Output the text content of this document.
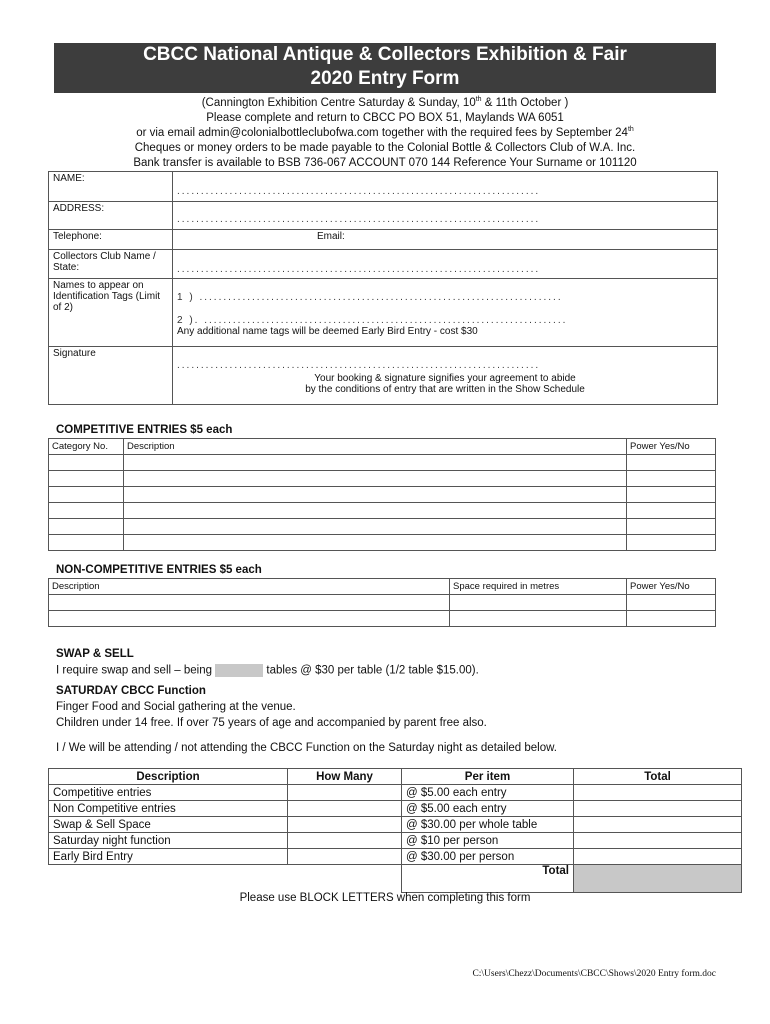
CBCC National Antique & Collectors Exhibition & Fair
2020 Entry Form
(Cannington Exhibition Centre Saturday & Sunday, 10th & 11th October )
Please complete and return to CBCC PO BOX 51, Maylands WA 6051
or via email admin@colonialbottleclubofwa.com together with the required fees by September 24th
Cheques or money orders to be made payable to the Colonial Bottle & Collectors Club of W.A. Inc.
Bank transfer is available to BSB 736-067 ACCOUNT 070 144 Reference Your Surname or 101120
NAME:	............................................................................

ADDRESS:	............................................................................

Telephone:	Email:
Collectors Club Name / State:	............................................................................

Names to appear on Identification Tags (Limit of 2)	1 ) ............................................................................
2 ). ............................................................................
Any additional name tags will be deemed Early Bird Entry - cost $30

Signature	............................................................................
Your booking & signature signifies your agreement to abide
by the conditions of entry that are written in the Show Schedule
COMPETITIVE ENTRIES $5 each
Category No.	Description	Power Yes/No

NON-COMPETITIVE ENTRIES $5 each
Description	Space required in metres	Power Yes/No

SWAP & SELL
I require swap and sell – being	tables @ $30 per table (1/2 table $15.00).
SATURDAY CBCC Function
Finger Food and Social gathering at the venue.
Children under 14 free. If over 75 years of age and accompanied by parent free also.
I / We will be attending / not attending the CBCC Function on the Saturday night as detailed below.
Description	How Many	Per item	Total
Competitive entries		@ $5.00 each entry	
Non Competitive entries		@ $5.00 each entry	
Swap & Sell Space		@ $30.00 per whole table	
Saturday night function		@ $10 per person	
Early Bird Entry		@ $30.00 per person	
		Total	
Please use BLOCK LETTERS when completing this form
C:\Users\Chezz\Documents\CBCC\Shows\2020 Entry form.doc
